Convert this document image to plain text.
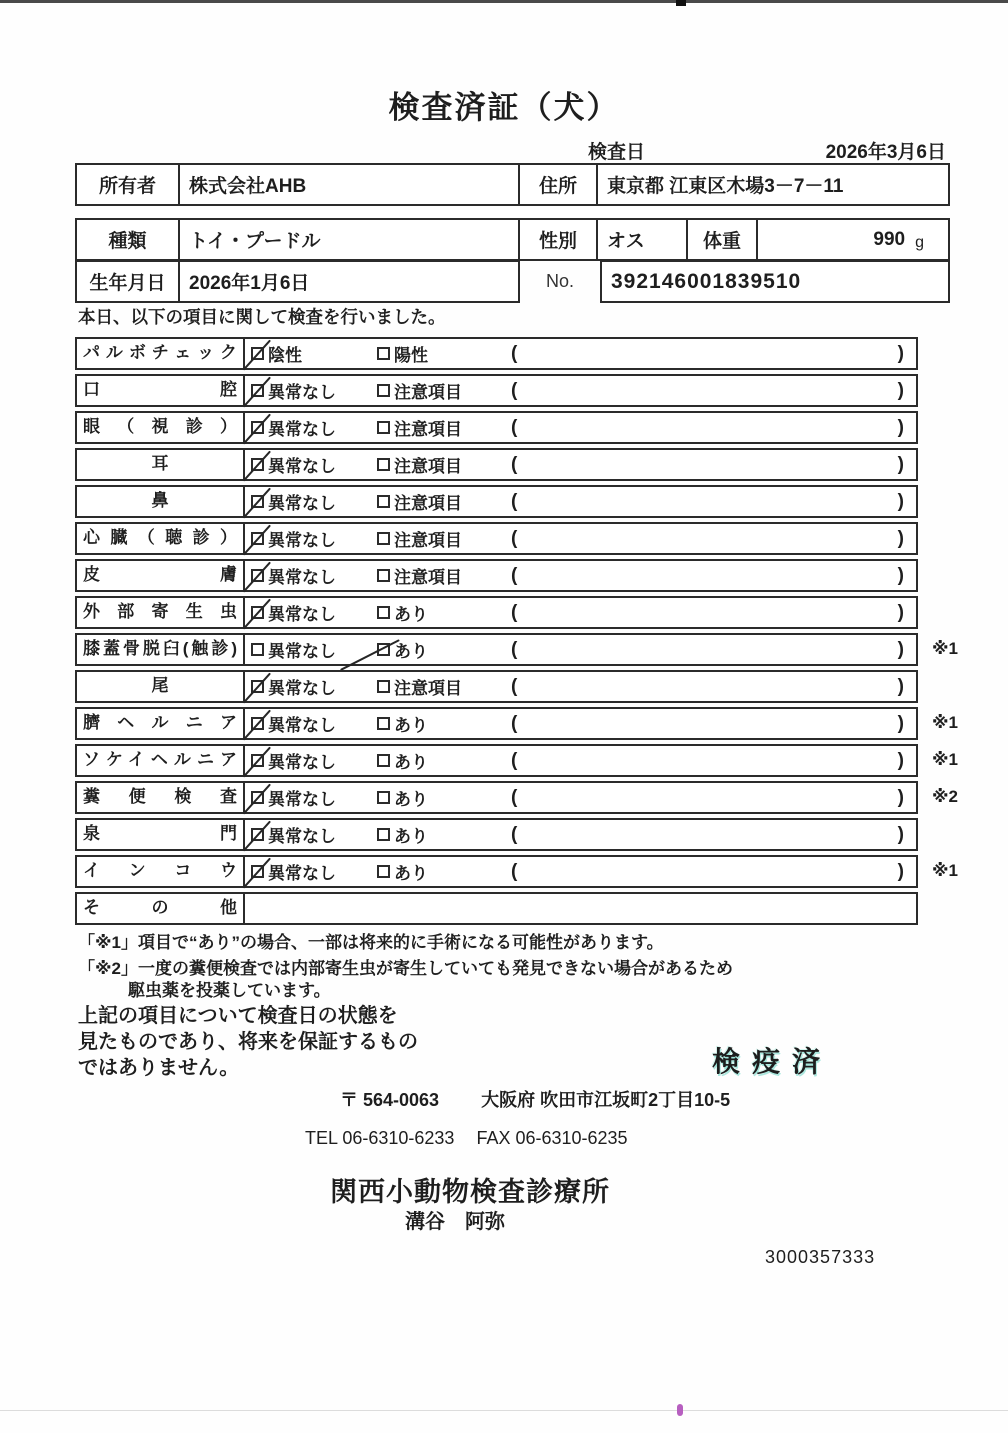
検査済証（犬）
検査日	2026年3月6日
所有者	株式会社AHB	住所	東京都 江東区木場3－7－11
種類	トイ・プードル	性別	オス	体重	990 g
生年月日	2026年1月6日	No.	392146001839510
本日、以下の項目に関して検査を行いました。
パルボチェック	陰性	陽性	(	)
口腔	異常なし	注意項目	(	)
眼（視診）	異常なし	注意項目	(	)
耳	異常なし	注意項目	(	)
鼻	異常なし	注意項目	(	)
心臓（聴診）	異常なし	注意項目	(	)
皮膚	異常なし	注意項目	(	)
外部寄生虫	異常なし	あり	(	)
膝蓋骨脱臼(触診)	異常なし	あり	(	) ※1
尾	異常なし	注意項目	(	)
臍ヘルニア	異常なし	あり	(	) ※1
ソケイヘルニア	異常なし	あり	(	) ※1
糞便検査	異常なし	あり	(	) ※2
泉門	異常なし	あり	(	)
インコウ	異常なし	あり	(	) ※1
その他
「※1」項目で“あり”の場合、一部は将来的に手術になる可能性があります。
「※2」一度の糞便検査では内部寄生虫が寄生していても発見できない場合があるため
駆虫薬を投薬しています。
上記の項目について検査日の状態を
見たものであり、将来を保証するもの
ではありません。	検疫済
〒 564-0063 大阪府 吹田市江坂町2丁目10-5
TEL 06-6310-6233 FAX 06-6310-6235
関西小動物検査診療所
溝谷　阿弥
3000357333
